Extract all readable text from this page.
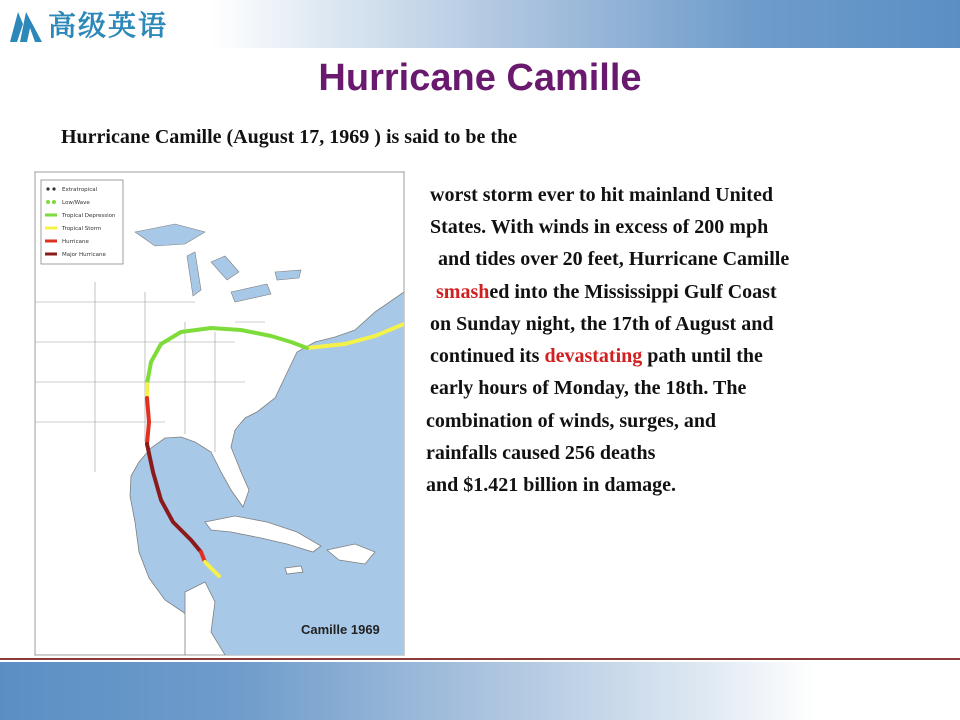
高级英语
Hurricane Camille
Hurricane Camille (August 17, 1969 ) is said to be the
Extratropical
Low/Wave
Tropical Depression
Tropical Storm
Hurricane
Major Hurricane
Camille 1969
worst storm ever to hit mainland United
States. With winds in excess of 200 mph
and tides over 20 feet, Hurricane Camille
smashed into the Mississippi Gulf Coast
on Sunday night, the 17th of August and
continued its devastating path until the
early hours of Monday, the 18th. The
combination of winds, surges, and
rainfalls caused 256 deaths
and $1.421 billion in damage.
